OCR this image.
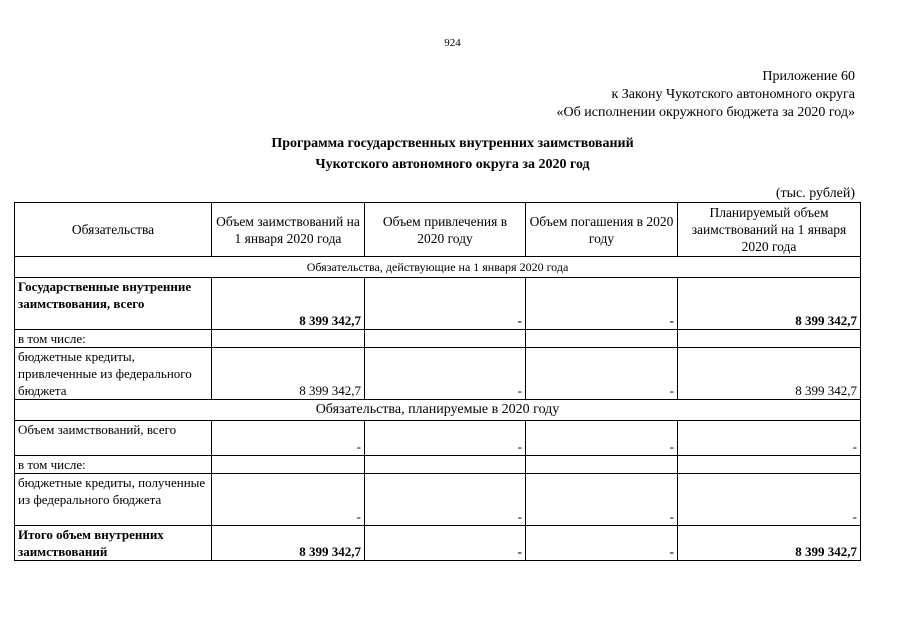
924
Приложение 60
к Закону Чукотского автономного округа
«Об исполнении окружного бюджета за 2020 год»
Программа государственных внутренних заимствований
Чукотского автономного округа за 2020 год
(тыс. рублей)
Обязательства	Объем заимствований на 1 января 2020 года	Объем привлечения в 2020 году	Объем погашения в 2020 году	Планируемый объем заимствований на 1 января 2020 года
Обязательства, действующие на 1 января 2020 года				
Государственные внутренние заимствования, всего	8 399 342,7	-	-	8 399 342,7
в том числе:				
бюджетные кредиты, привлеченные из федерального бюджета	8 399 342,7	-	-	8 399 342,7
Обязательства, планируемые в 2020 году				
Объем заимствований, всего	-	-	-	-
в том числе:				
бюджетные кредиты, полученные из федерального бюджета	-	-	-	-
Итого объем внутренних заимствований	8 399 342,7	-	-	8 399 342,7
